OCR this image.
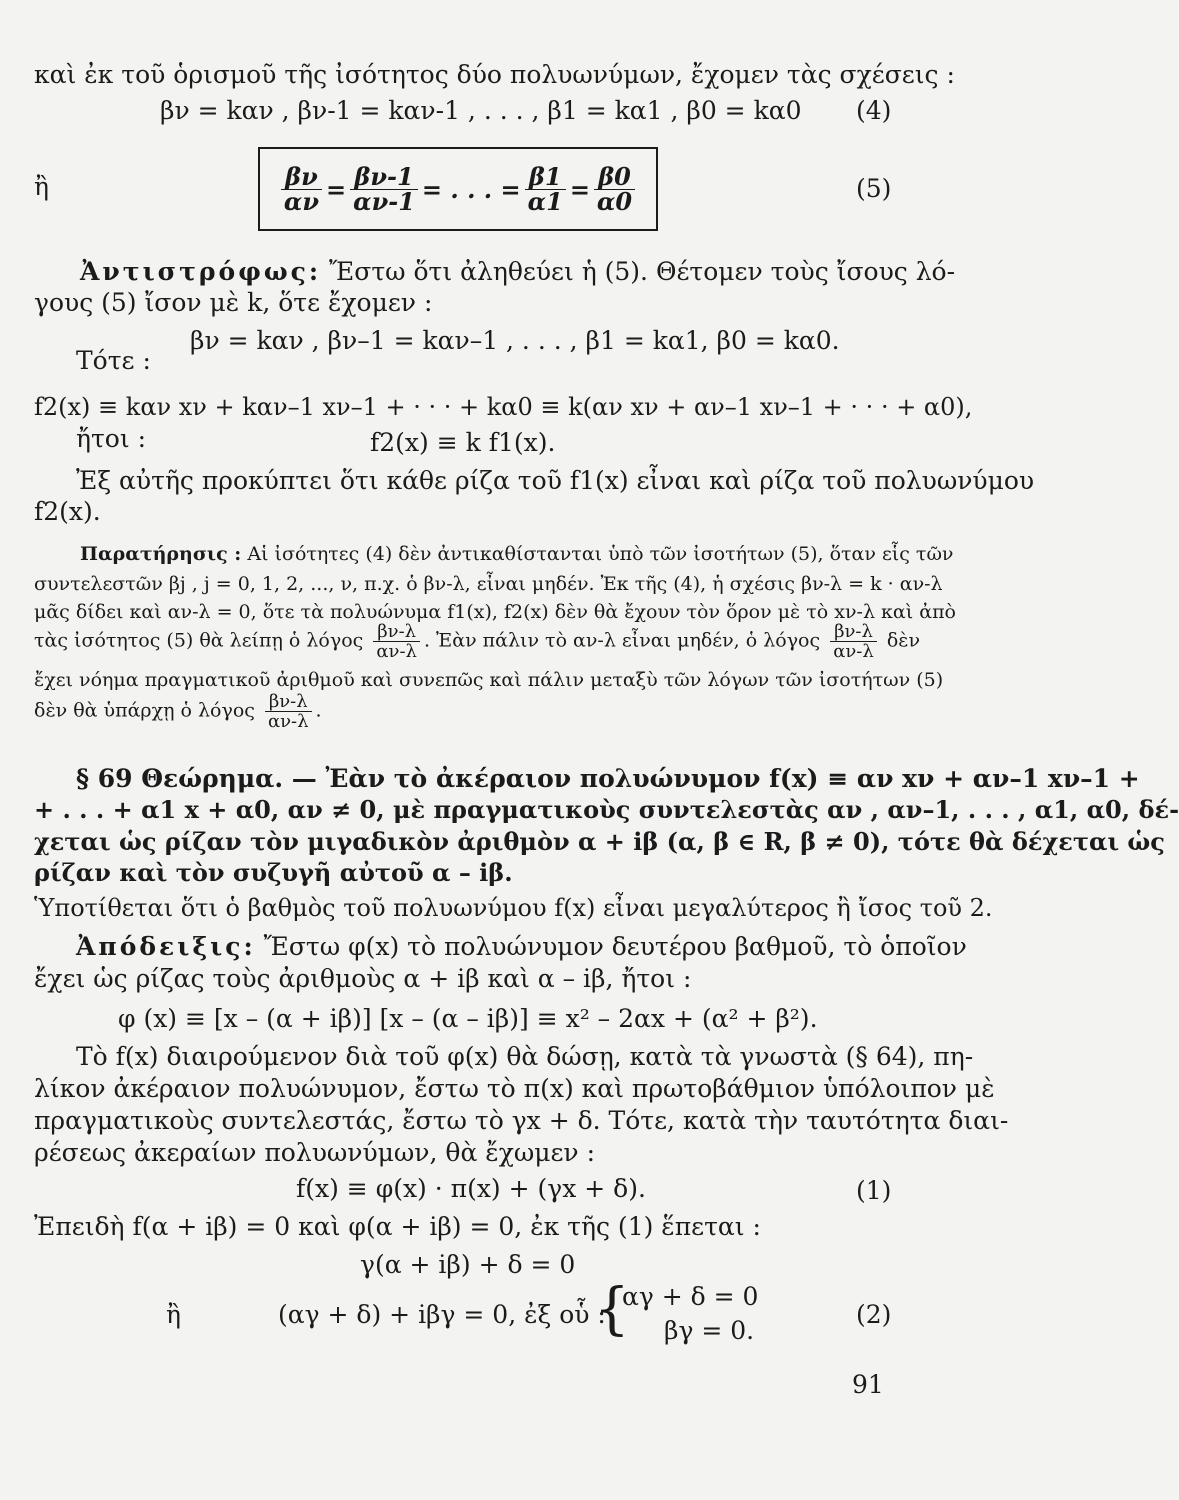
καὶ ἐκ τοῦ ὁρισμοῦ τῆς ἰσότητος δύο πολυωνύμων, ἔχομεν τὰς σχέσεις :
βν = kαν , βν-1 = kαν-1 , . . . , β1 = kα1 , β0 = kα0 (4)
ἢ	$\frac{\beta\nu}{\alpha\nu} = \frac{\beta\nu-1}{\alpha\nu-1}$ = . . . = $\frac{\beta 1}{\alpha 1} = \frac{\beta 0}{\alpha 0}$	(5)
Ἀντιστρόφως: Ἔστω ὅτι ἀληθεύει ἡ (5). Θέτομεν τοὺς ἴσους λό-
γους (5) ἴσον μὲ k, ὅτε ἔχομεν :
βν = kαν , βν–1 = kαν–1 , . . . , β1 = kα1, β0 = kα0.
Τότε :
f2(x) ≡ kαν xν + kαν–1 xν–1 + · · · + kα0 ≡ k(αν xν + αν–1 xν–1 + · · · + α0),
ἤτοι :	f2(x) ≡ k f1(x).
Ἐξ αὐτῆς προκύπτει ὅτι κάθε ρίζα τοῦ f1(x) εἶναι καὶ ρίζα τοῦ πολυωνύμου
f2(x).
Παρατήρησις : Αἱ ἰσότητες (4) δὲν ἀντικαθίστανται ὑπὸ τῶν ἰσοτήτων (5), ὅταν εἷς τῶν
συντελεστῶν βj , j = 0, 1, 2, ..., ν, π.χ. ὁ βν-λ, εἶναι μηδέν. Ἐκ τῆς (4), ἡ σχέσις βν-λ = k · αν-λ
μᾶς δίδει καὶ αν-λ = 0, ὅτε τὰ πολυώνυμα f1(x), f2(x) δὲν θὰ ἔχουν τὸν ὅρον μὲ τὸ xν-λ καὶ ἀπὸ
τὰς ἰσότητος (5) θὰ λείπῃ ὁ λόγος $\frac{\beta\nu-\lambda}{\alpha\nu-\lambda}$ . Ἐὰν πάλιν τὸ αν-λ εἶναι μηδέν, ὁ λόγος $\frac{\beta\nu-\lambda}{\alpha\nu-\lambda}$ δὲν
ἔχει νόημα πραγματικοῦ ἀριθμοῦ καὶ συνεπῶς καὶ πάλιν μεταξὺ τῶν λόγων τῶν ἰσοτήτων (5)
δὲν θὰ ὑπάρχῃ ὁ λόγος $\frac{\beta\nu-\lambda}{\alpha\nu-\lambda}$ .
§ 69 Θεώρημα. — Ἐὰν τὸ ἀκέραιον πολυώνυμον f(x) ≡ αν xν + αν–1 xν–1 +
+ . . . + α1 x + α0, αν ≠ 0, μὲ πραγματικοὺς συντελεστὰς αν , αν–1, . . . , α1, α0, δέ-
χεται ὡς ρίζαν τὸν μιγαδικὸν ἀριθμὸν α + iβ (α, β ∈ R, β ≠ 0), τότε θὰ δέχεται ὡς
ρίζαν καὶ τὸν συζυγῆ αὐτοῦ α – iβ.
Ὑποτίθεται ὅτι ὁ βαθμὸς τοῦ πολυωνύμου f(x) εἶναι μεγαλύτερος ἢ ἴσος τοῦ 2.
Ἀπόδειξις: Ἔστω φ(x) τὸ πολυώνυμον δευτέρου βαθμοῦ, τὸ ὁποῖον
ἔχει ὡς ρίζας τοὺς ἀριθμοὺς α + iβ καὶ α – iβ, ἤτοι :
φ (x) ≡ [x – (α + iβ)] [x – (α – iβ)] ≡ x² – 2αx + (α² + β²).
Τὸ f(x) διαιρούμενον διὰ τοῦ φ(x) θὰ δώσῃ, κατὰ τὰ γνωστὰ (§ 64), πη-
λίκον ἀκέραιον πολυώνυμον, ἔστω τὸ π(x) καὶ πρωτοβάθμιον ὑπόλοιπον μὲ
πραγματικοὺς συντελεστάς, ἔστω τὸ γx + δ. Τότε, κατὰ τὴν ταυτότητα διαι-
ρέσεως ἀκεραίων πολυωνύμων, θὰ ἔχωμεν :
f(x) ≡ φ(x) · π(x) + (γx + δ).	(1)
Ἐπειδὴ f(α + iβ) = 0 καὶ φ(α + iβ) = 0, ἐκ τῆς (1) ἕπεται :
γ(α + iβ) + δ = 0
ἢ	(αγ + δ) + iβγ = 0, ἐξ οὗ :
{
αγ + δ = 0
βγ = 0.
(2)
91
